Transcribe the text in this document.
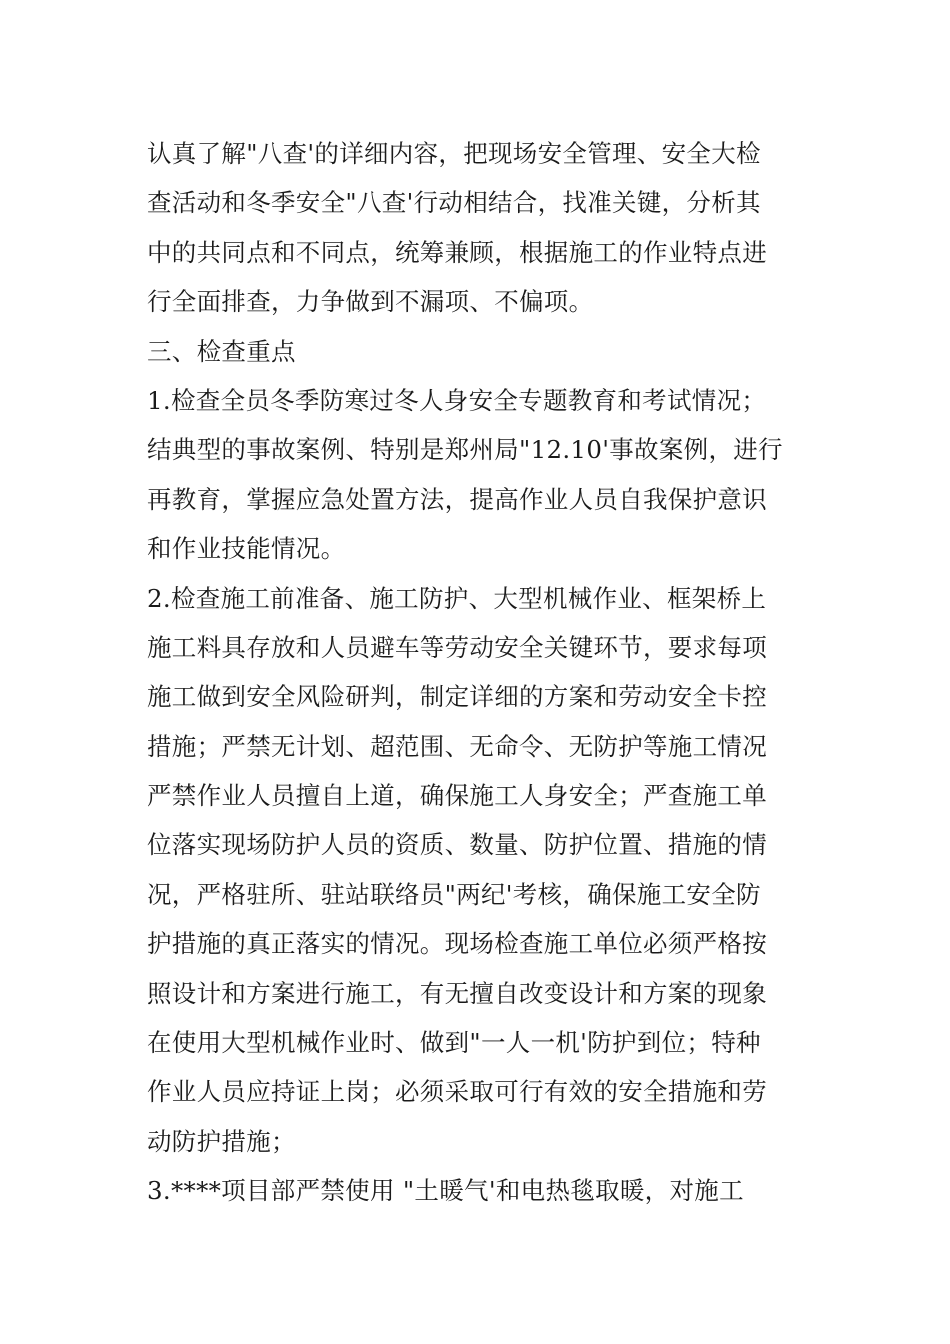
认真了解"八查'的详细内容，把现场安全管理、安全大检
查活动和冬季安全"八查'行动相结合，找准关键，分析其
中的共同点和不同点，统筹兼顾，根据施工的作业特点进
行全面排查，力争做到不漏项、不偏项。
三、检查重点
1.检查全员冬季防寒过冬人身安全专题教育和考试情况；
结典型的事故案例、特别是郑州局"12.10'事故案例，进行
再教育，掌握应急处置方法，提高作业人员自我保护意识
和作业技能情况。
2.检查施工前准备、施工防护、大型机械作业、框架桥上
施工料具存放和人员避车等劳动安全关键环节，要求每项
施工做到安全风险研判，制定详细的方案和劳动安全卡控
措施；严禁无计划、超范围、无命令、无防护等施工情况
严禁作业人员擅自上道，确保施工人身安全；严查施工单
位落实现场防护人员的资质、数量、防护位置、措施的情
况，严格驻所、驻站联络员"两纪'考核，确保施工安全防
护措施的真正落实的情况。现场检查施工单位必须严格按
照设计和方案进行施工，有无擅自改变设计和方案的现象
在使用大型机械作业时、做到"一人一机'防护到位；特种
作业人员应持证上岗；必须采取可行有效的安全措施和劳
动防护措施；
3.****项目部严禁使用 "土暖气'和电热毯取暖，对施工
